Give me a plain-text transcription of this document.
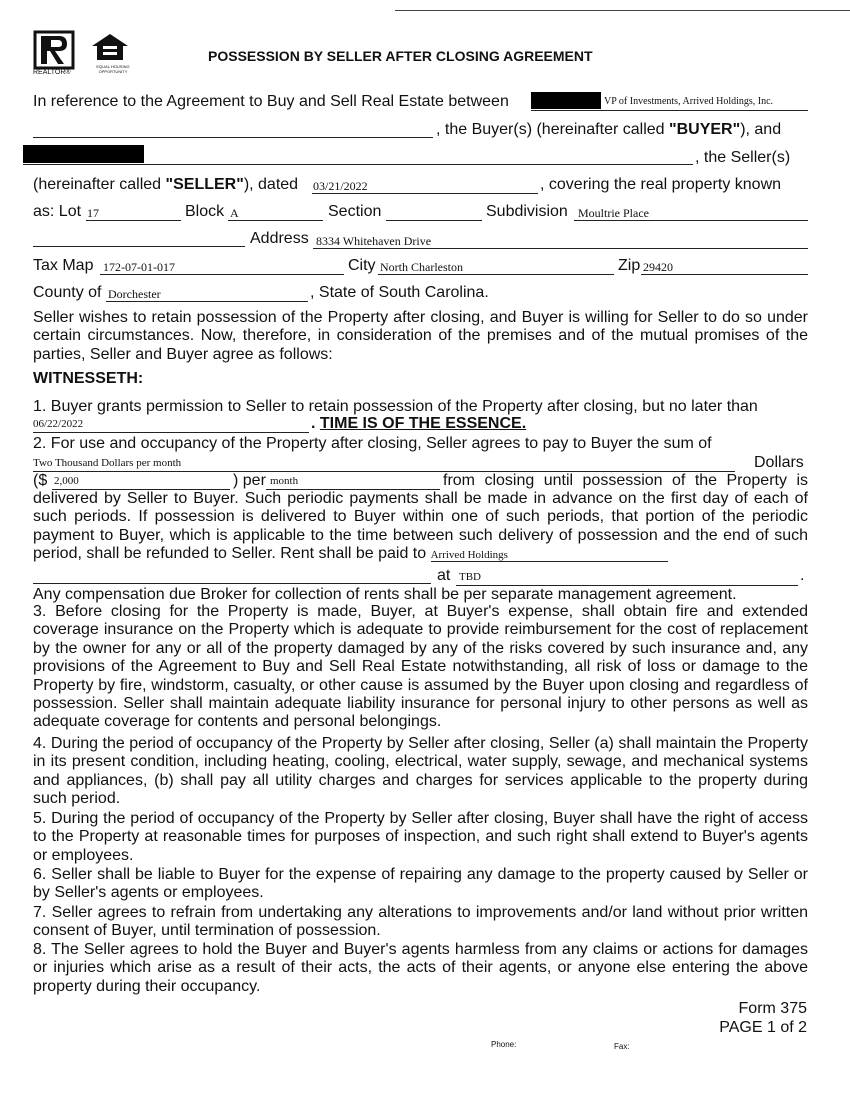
REALTOR®
EQUAL HOUSING OPPORTUNITY
POSSESSION BY SELLER AFTER CLOSING AGREEMENT
In reference to the Agreement to Buy and Sell Real Estate between	VP of Investments, Arrived Holdings, Inc.
, the Buyer(s) (hereinafter called "BUYER"), and
, the Seller(s)
(hereinafter called "SELLER"), dated 03/21/2022	, covering the real property known
as: Lot 17	Block A	Section	Subdivision Moultrie Place
Address 8334 Whitehaven Drive
Tax Map 172-07-01-017	City North Charleston	Zip 29420
County of Dorchester	, State of South Carolina.
Seller wishes to retain possession of the Property after closing, and Buyer is willing for Seller to do so under certain circumstances. Now, therefore, in consideration of the premises and of the mutual promises of the parties, Seller and Buyer agree as follows:
WITNESSETH:
1. Buyer grants permission to Seller to retain possession of the Property after closing, but no later than
06/22/2022	. TIME IS OF THE ESSENCE.
2. For use and occupancy of the Property after closing, Seller agrees to pay to Buyer the sum of
Two Thousand Dollars per month	Dollars
($ 2,000	) per month	from closing until possession of the Property is
delivered by Seller to Buyer. Such periodic payments shall be made in advance on the first day of each of such periods. If possession is delivered to Buyer within one of such periods, that portion of the periodic payment to Buyer, which is applicable to the time between such delivery of possession and the end of such period, shall be refunded to Seller. Rent shall be paid to Arrived Holdings
at TBD	.
Any compensation due Broker for collection of rents shall be per separate management agreement.
3. Before closing for the Property is made, Buyer, at Buyer's expense, shall obtain fire and extended coverage insurance on the Property which is adequate to provide reimbursement for the cost of replacement by the owner for any or all of the property damaged by any of the risks covered by such insurance and, any provisions of the Agreement to Buy and Sell Real Estate notwithstanding, all risk of loss or damage to the Property by fire, windstorm, casualty, or other cause is assumed by the Buyer upon closing and regardless of possession. Seller shall maintain adequate liability insurance for personal injury to other persons as well as adequate coverage for contents and personal belongings.
4. During the period of occupancy of the Property by Seller after closing, Seller (a) shall maintain the Property in its present condition, including heating, cooling, electrical, water supply, sewage, and mechanical systems and appliances, (b) shall pay all utility charges and charges for services applicable to the property during such period.
5. During the period of occupancy of the Property by Seller after closing, Buyer shall have the right of access to the Property at reasonable times for purposes of inspection, and such right shall extend to Buyer's agents or employees.
6. Seller shall be liable to Buyer for the expense of repairing any damage to the property caused by Seller or by Seller's agents or employees.
7. Seller agrees to refrain from undertaking any alterations to improvements and/or land without prior written consent of Buyer, until termination of possession.
8. The Seller agrees to hold the Buyer and Buyer's agents harmless from any claims or actions for damages or injuries which arise as a result of their acts, the acts of their agents, or anyone else entering the above property during their occupancy.
Form 375
PAGE 1 of 2
Phone:	Fax:
